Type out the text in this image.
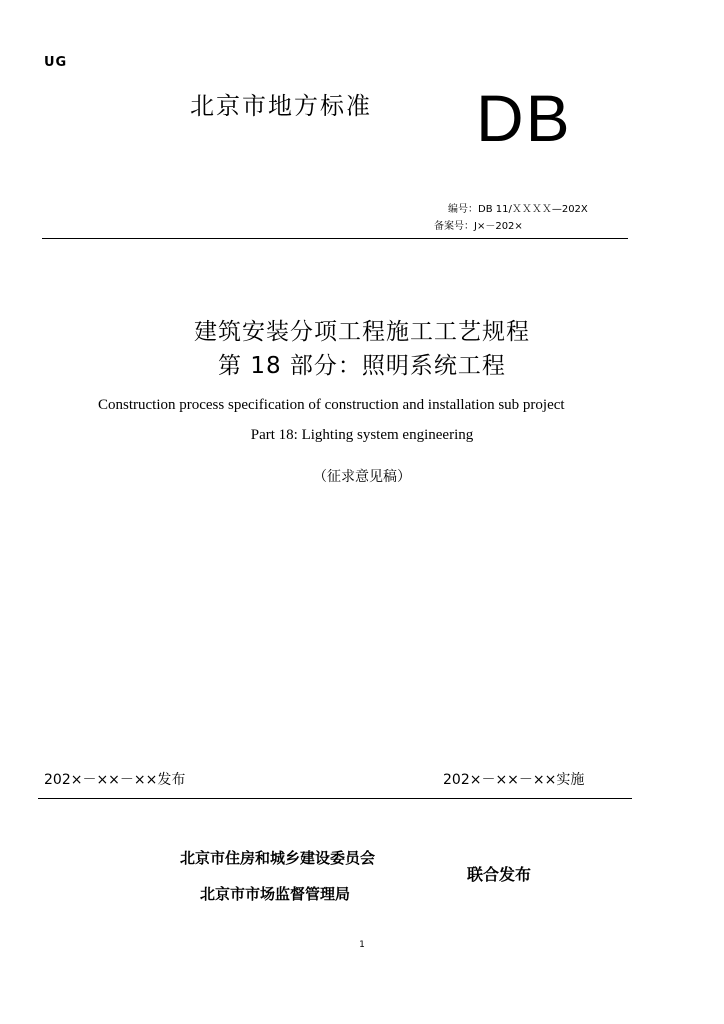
UG
北京市地方标准 DB
编号：DB 11/ＸＸＸＸ—202X
备案号：J×－202×
建筑安装分项工程施工工艺规程
第 18 部分：照明系统工程
Construction process specification of construction and installation sub project
Part 18: Lighting system engineering
（征求意见稿）
202×－××－××发布	202×－××－××实施
北京市住房和城乡建设委员会
北京市市场监督管理局
联合发布
1
